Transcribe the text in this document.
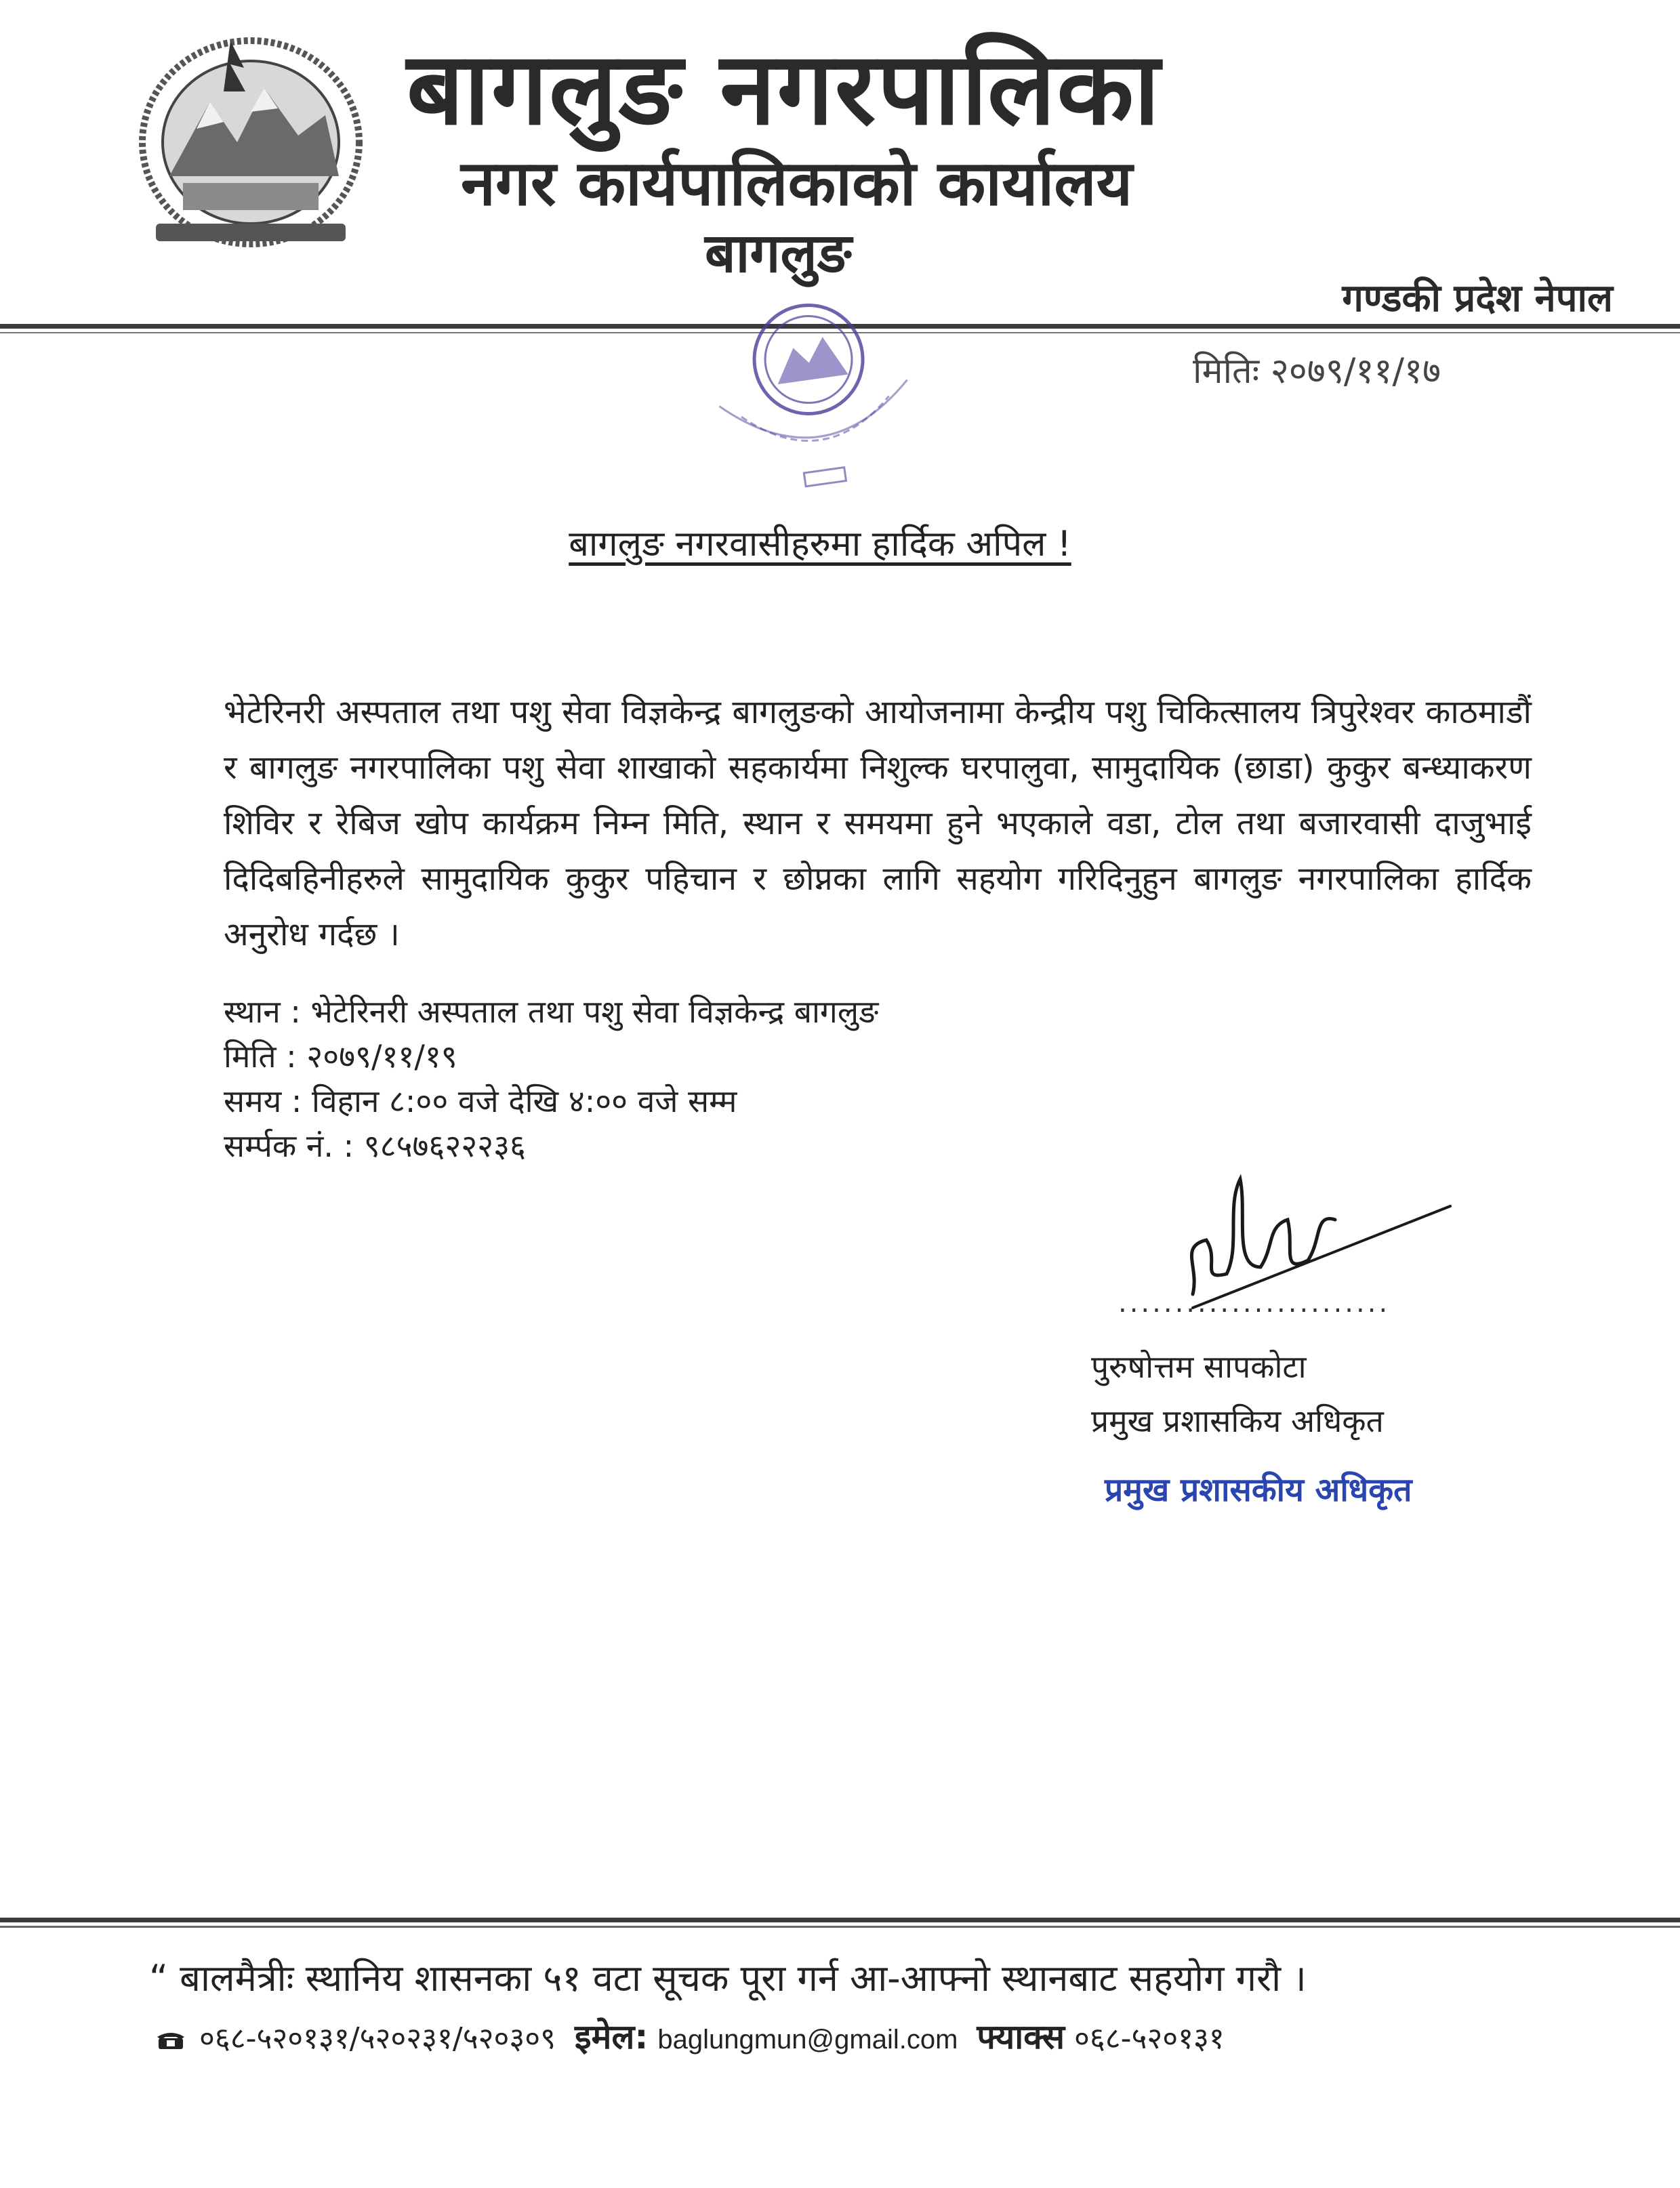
बागलुङ नगरपालिका
नगर कार्यपालिकाको कार्यालय
बागलुङ
गण्डकी प्रदेश नेपाल
मितिः २०७९/११/१७
बागलुङ नगरवासीहरुमा हार्दिक अपिल !
भेटेरिनरी अस्पताल तथा पशु सेवा विज्ञकेन्द्र बागलुङको आयोजनामा केन्द्रीय पशु चिकित्सालय त्रिपुरेश्वर काठमाडौं र बागलुङ नगरपालिका पशु सेवा शाखाको सहकार्यमा निशुल्क घरपालुवा, सामुदायिक (छाडा) कुकुर बन्ध्याकरण शिविर र रेबिज खोप कार्यक्रम निम्न मिति, स्थान र समयमा हुने भएकाले वडा, टोल तथा बजारवासी दाजुभाई दिदिबहिनीहरुले सामुदायिक कुकुर पहिचान र छोप्नका लागि सहयोग गरिदिनुहुन बागलुङ नगरपालिका हार्दिक अनुरोध गर्दछ ।
स्थान : भेटेरिनरी अस्पताल तथा पशु सेवा विज्ञकेन्द्र बागलुङ
मिति : २०७९/११/१९
समय : विहान ८:०० वजे देखि ४:०० वजे सम्म
सर्म्पक नं. : ९८५७६२२२३६
........................
पुरुषोत्तम सापकोटा
प्रमुख प्रशासकिय अधिकृत
प्रमुख प्रशासकीय अधिकृत
“ बालमैत्रीः स्थानिय शासनका ५१ वटा सूचक पूरा गर्न आ-आफ्नो स्थानबाट सहयोग गरौ ।
०६८-५२०१३१/५२०२३१/५२०३०९ इमेल: baglungmun@gmail.com फ्याक्स ०६८-५२०१३१
